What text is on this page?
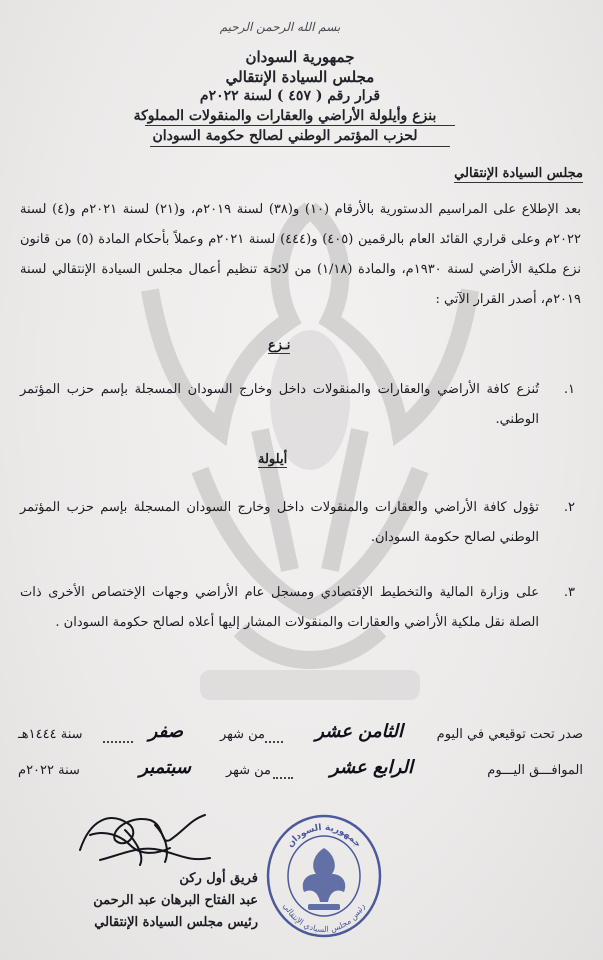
بسم الله الرحمن الرحيم
جمهورية السودان
مجلس السيادة الإنتقالي
قرار رقم ( ٤٥٧ ) لسنة ٢٠٢٢م
بنزع وأيلولة الأراضي والعقارات والمنقولات المملوكة
لحزب المؤتمر الوطني لصالح حكومة السودان
مجلس السيادة الإنتقالي
بعد الإطلاع على المراسيم الدستورية بالأرقام (١٠) و(٣٨) لسنة ٢٠١٩م، و(٢١) لسنة ٢٠٢١م و(٤) لسنة ٢٠٢٢م وعلى قراري القائد العام بالرقمين (٤٠٥) و(٤٤٤) لسنة ٢٠٢١م وعملاً بأحكام المادة (٥) من قانون نزع ملكية الأراضي لسنة ١٩٣٠م، والمادة (١/١٨) من لائحة تنظيم أعمال مجلس السيادة الإنتقالي لسنة ٢٠١٩م، أصدر القرار الآتي :
نـزع
١.
تُنزع كافة الأراضي والعقارات والمنقولات داخل وخارج السودان المسجلة بإسم حزب المؤتمر الوطني.
أيلولة
٢.
تؤول كافة الأراضي والعقارات والمنقولات داخل وخارج السودان المسجلة بإسم حزب المؤتمر الوطني لصالح حكومة السودان.
٣.
على وزارة المالية والتخطيط الإقتصادي ومسجل عام الأراضي وجهات الإختصاص الأخرى ذات الصلة نقل ملكية الأراضي والعقارات والمنقولات المشار إليها أعلاه لصالح حكومة السودان .
صدر تحت توقيعي في اليوم
الثامن عشر
من شهر
صفر
سنة ١٤٤٤هـ
الموافـــق اليـــوم
الرابع عشر
من شهر
سبتمبر
سنة ٢٠٢٢م
فريق أول ركن
عبد الفتاح البرهان عبد الرحمن
رئيس مجلس السيادة الإنتقالي
جمهورية السودان
رئيس مجلس السيادي الإنتقالي
